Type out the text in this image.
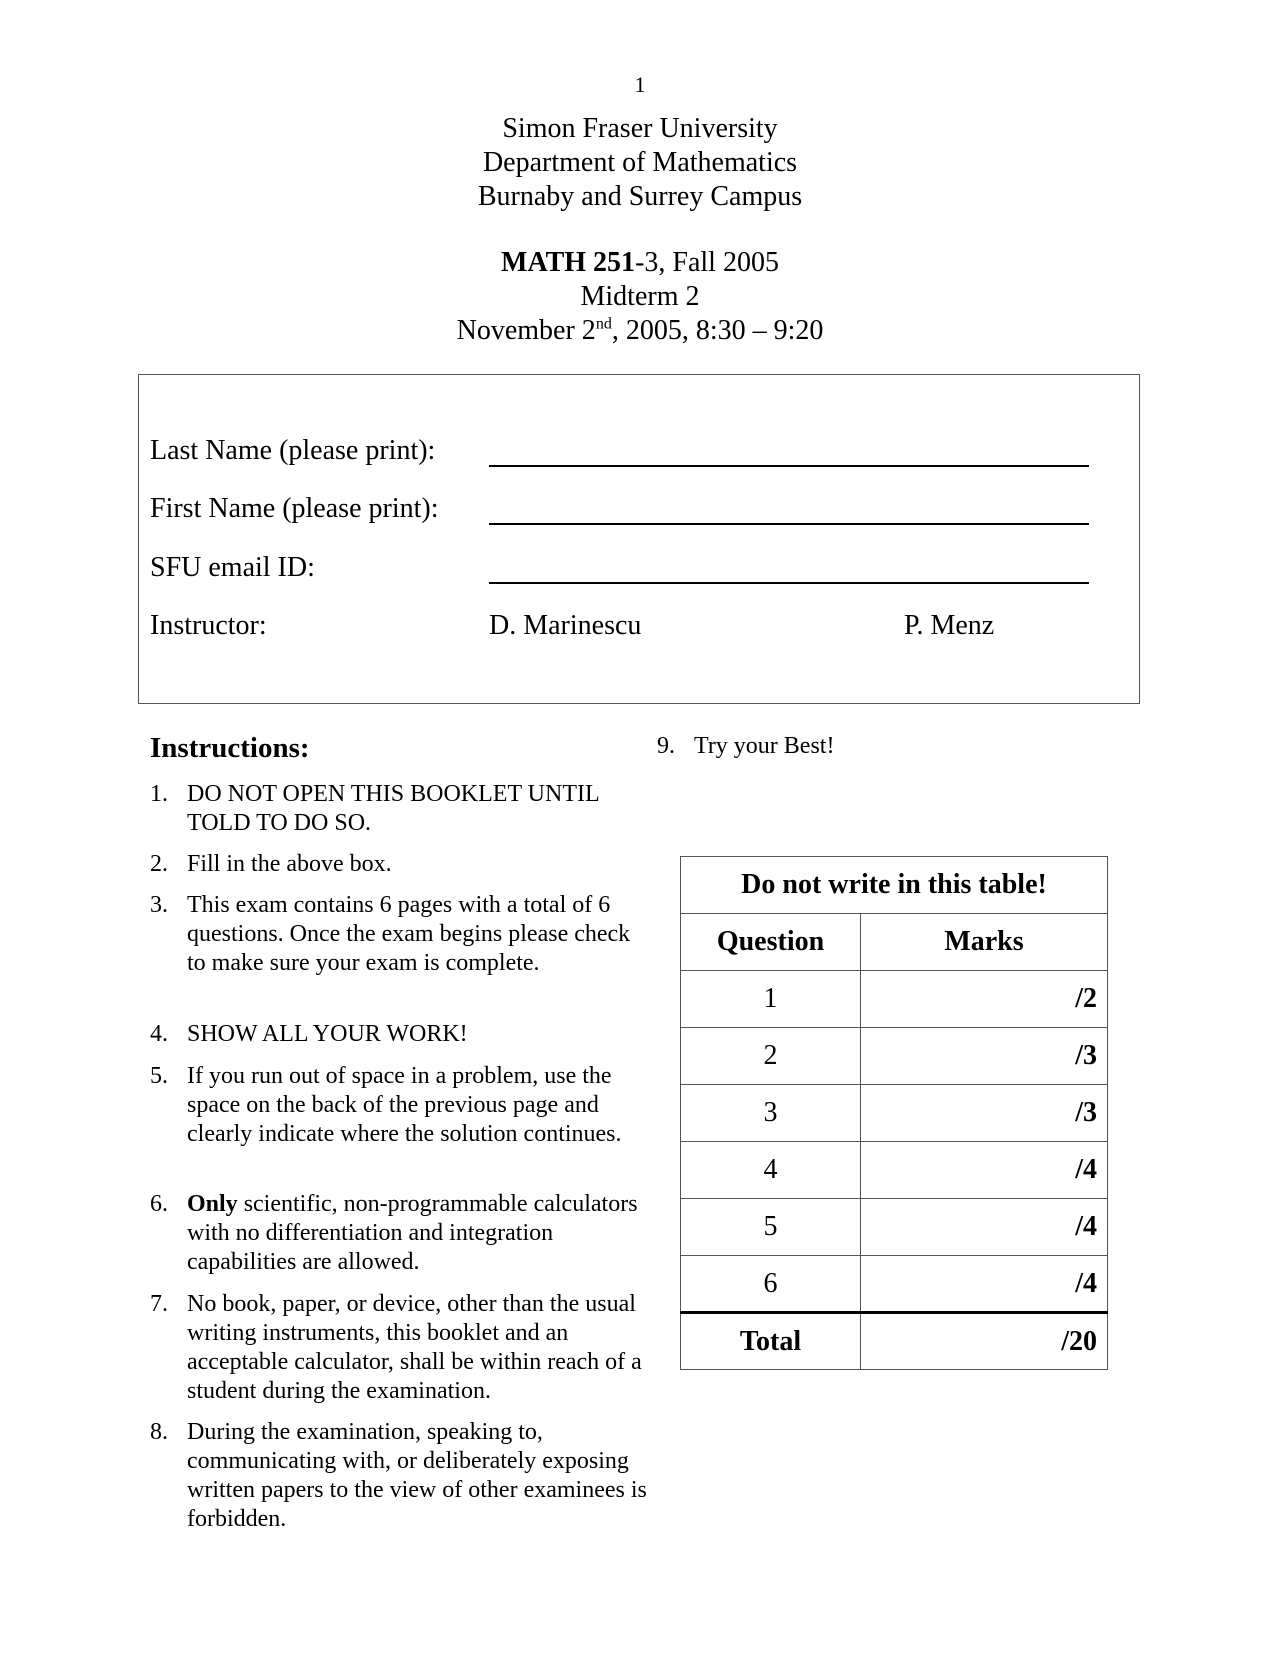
1
Simon Fraser University
Department of Mathematics
Burnaby and Surrey Campus
MATH 251-3, Fall 2005
Midterm 2
November 2nd, 2005, 8:30 – 9:20
Last Name (please print):
First Name (please print):
SFU email ID:
Instructor:	D. Marinescu	P. Menz
Instructions:
1. DO NOT OPEN THIS BOOKLET UNTIL TOLD TO DO SO.
2. Fill in the above box.
3. This exam contains 6 pages with a total of 6 questions. Once the exam begins please check to make sure your exam is complete.
4. SHOW ALL YOUR WORK!
5. If you run out of space in a problem, use the space on the back of the previous page and clearly indicate where the solution continues.
6. Only scientific, non-programmable calculators with no differentiation and integration capabilities are allowed.
7. No book, paper, or device, other than the usual writing instruments, this booklet and an acceptable calculator, shall be within reach of a student during the examination.
8. During the examination, speaking to, communicating with, or deliberately exposing written papers to the view of other examinees is forbidden.
9. Try your Best!
Do not write in this table!	
Question	Marks
1	/2
2	/3
3	/3
4	/4
5	/4
6	/4
Total	/20
